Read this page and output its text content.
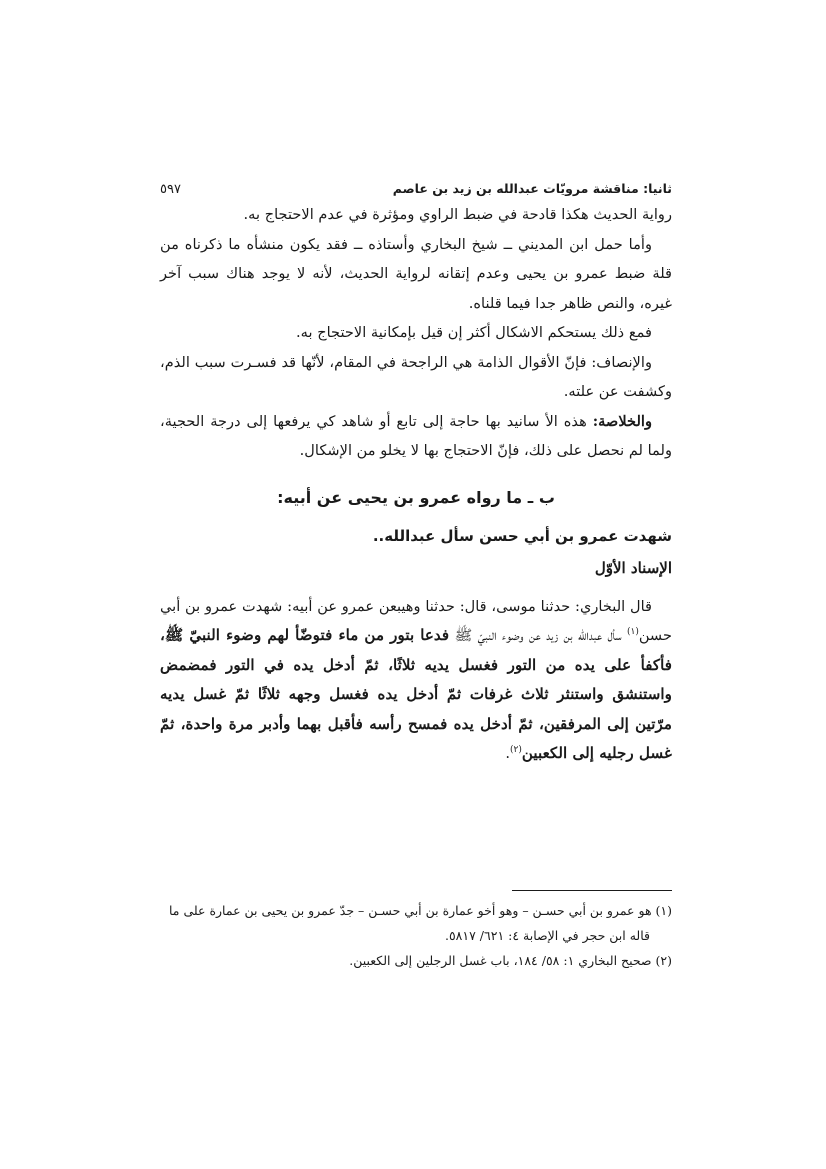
ثانيا: مناقشة مرويّات عبدالله بن زيد بن عاصم
٥٩٧

رواية الحديث هكذا قادحة في ضبط الراوي ومؤثرة في عدم الاحتجاج به.

وأما حمل ابن المديني ــ شيخ البخاري وأستاذه ــ فقد يكون منشأه ما ذكرناه من قلة ضبط عمرو بن يحيى وعدم إتقانه لرواية الحديث، لأنه لا يوجد هناك سبب آخر غيره، والنص ظاهر جدا فيما قلناه.

فمع ذلك يستحكم الاشكال أكثر إن قيل بإمكانية الاحتجاج به.

والإنصاف: فإنّ الأقوال الذامة هي الراجحة في المقام، لأنّها قد فسـرت سبب الذم، وكشفت عن علته.

والخلاصة: هذه الأ سانيد بها حاجة إلى تابع أو شاهد كي يرفعها إلى درجة الحجية، ولما لم نحصل على ذلك، فإنّ الاحتجاج بها لا يخلو من الإشكال.

ب ـ ما رواه عمرو بن يحيى عن أبيه:
شهدت عمرو بن أبي حسن سأل عبدالله..
الإسناد الأوّل

قال البخاري: حدثنا موسى، قال: حدثنا وهيبعن عمرو عن أبيه: شهدت عمرو بن أبي حسن$^{(١)}$ سأل عبدالله بن زيد عن وضوء النبيّ ﷺ فدعا بتور من ماء فتوضّأ لهم وضوء النبيّ ﷺ، فأكفأ على يده من التور فغسل يديه ثلاثًا، ثمّ أدخل يده في التور فمضمض واستنشق واستنثر ثلاث غرفات ثمّ أدخل يده فغسل وجهه ثلاثًا ثمّ غسل يديه مرّتين إلى المرفقين، ثمّ أدخل يده فمسح رأسه فأقبل بهما وأدبر مرة واحدة، ثمّ غسل رجليه إلى الكعبين$^{(٢)}$.

(١) هو عمرو بن أبي حسـن – وهو أخو عمارة بن أبي حسـن – جدّ عمرو بن يحيى بن عمارة على ما

قاله ابن حجر في الإصابة ٤: ٦٢١/ ٥٨١٧.

(٢) صحيح البخاري ١: ٥٨/ ١٨٤، باب غسل الرجلين إلى الكعبين.
